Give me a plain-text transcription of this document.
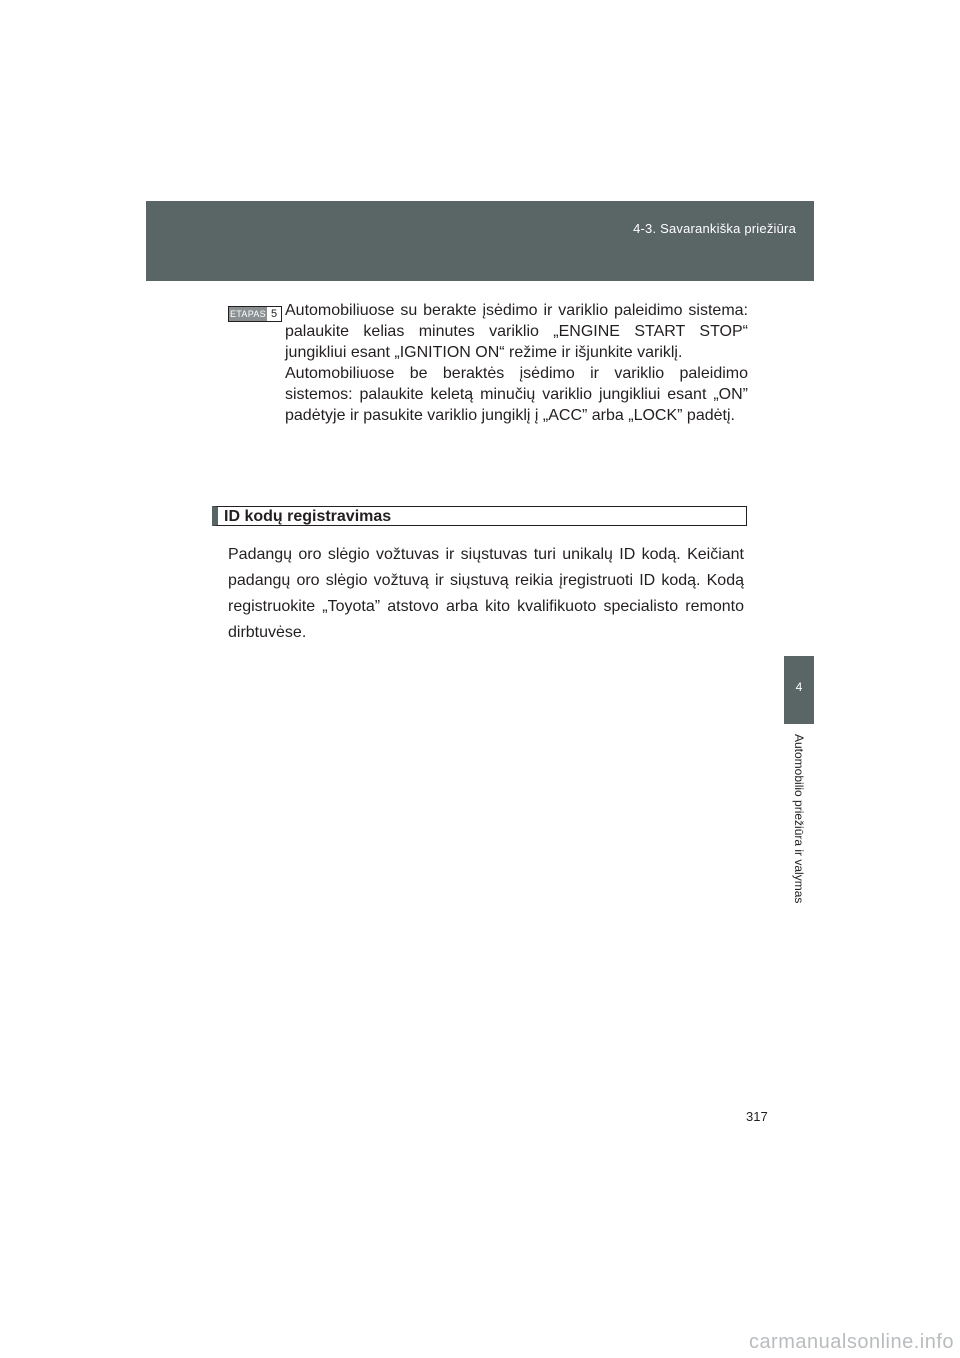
4-3. Savarankiška priežiūra
4
Automobilio priežiūra ir valymas
ETAPAS 5 Automobiliuose su berakte įsėdimo ir variklio paleidimo sistema: palaukite kelias minutes variklio „ENGINE START STOP“ jungikliui esant „IGNITION ON“ režime ir išjunkite variklį.

Automobiliuose be beraktės įsėdimo ir variklio paleidimo sistemos: palaukite keletą minučių variklio jungikliui esant „ON” padėtyje ir pasukite variklio jungiklį į „ACC” arba „LOCK” padėtį.

ID kodų registravimas

Padangų oro slėgio vožtuvas ir siųstuvas turi unikalų ID kodą. Keičiant padangų oro slėgio vožtuvą ir siųstuvą reikia įregistruoti ID kodą. Kodą registruokite „Toyota” atstovo arba kito kvalifikuoto specialisto remonto dirbtuvėse.

317
carmanualsonline.info
